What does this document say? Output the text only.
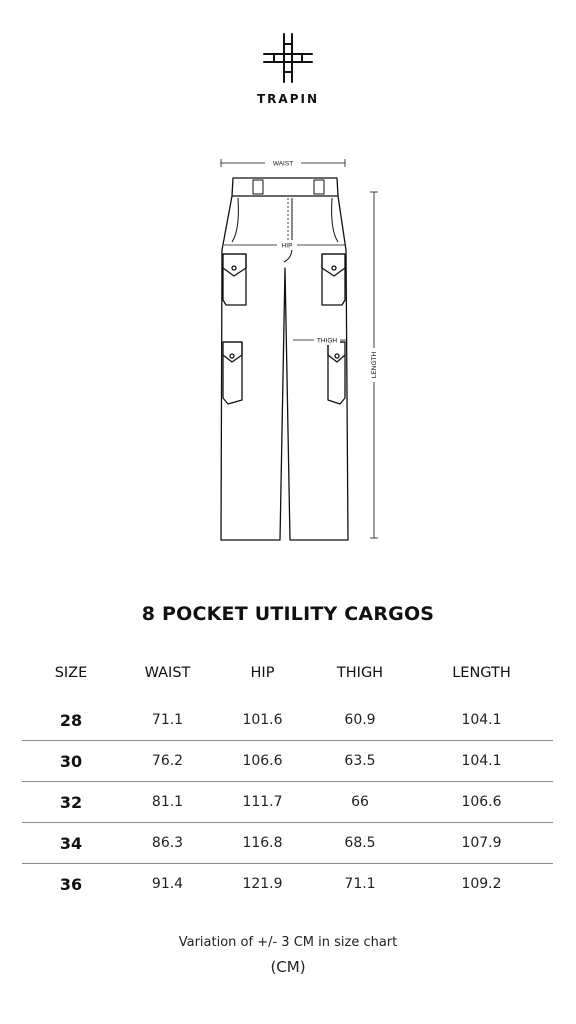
TRAPIN
WAIST
HIP
THIGH
LENGTH
8 POCKET UTILITY CARGOS
SIZE	WAIST	HIP	THIGH	LENGTH
28	71.1	101.6	60.9	104.1
30	76.2	106.6	63.5	104.1
32	81.1	111.7	66	106.6
34	86.3	116.8	68.5	107.9
36	91.4	121.9	71.1	109.2
Variation of +/- 3 CM in size chart
(CM)
